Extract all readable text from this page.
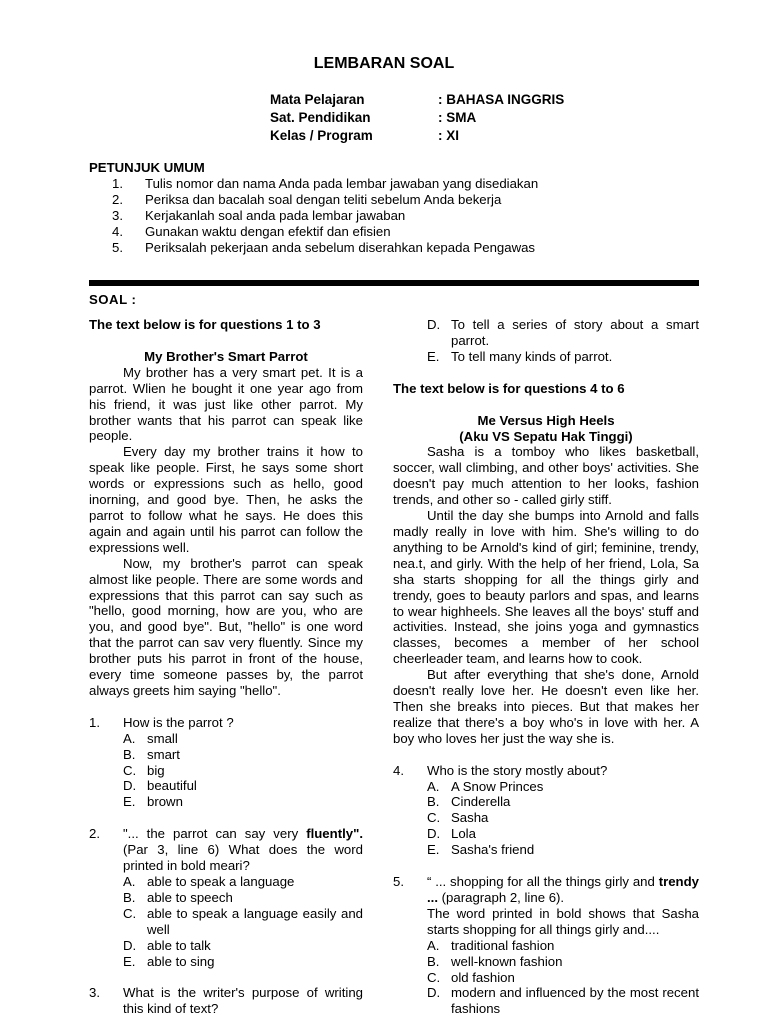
LEMBARAN SOAL
Mata Pelajaran	: BAHASA INGGRIS
Sat. Pendidikan	: SMA
Kelas / Program	: XI
PETUNJUK UMUM
1.	Tulis nomor dan nama Anda pada lembar jawaban yang disediakan
2.	Periksa dan bacalah soal dengan teliti sebelum Anda bekerja
3.	Kerjakanlah soal anda pada lembar jawaban
4.	Gunakan waktu dengan efektif dan efisien
5.	Periksalah pekerjaan anda sebelum diserahkan kepada Pengawas
SOAL :

The text below is for questions 1 to 3

My Brother's Smart Parrot

My brother has a very smart pet. It is a parrot. Wlien he bought it one year ago from his friend, it was just like other parrot. My brother wants that his parrot can speak like people.

Every day my brother trains it how to speak like people. First, he says some short words or expressions such as hello, good inorning, and good bye. Then, he asks the parrot to follow what he says. He does this again and again until his parrot can follow the expressions well.

Now, my brother's parrot can speak almost like people. There are some words and expressions that this parrot can say such as "hello, good morning, how are you, who are you, and good bye". But, "hello" is one word that the parrot can sav very fluently. Since my brother puts his parrot in front of the house, every time someone passes by, the parrot always greets him saying "hello".

1.	How is the parrot ?
A. small
B. smart
C. big
D. beautiful
E. brown
2.	"... the parrot can say very fluently". (Par 3, line 6) What does the word printed in bold meari?
A. able to speak a language
B. able to speech
C. able to speak a language easily and well
D. able to talk
E. able to sing
3.	What is the writer's purpose of writing this kind of text?
D. To tell a series of story about a smart parrot.
E. To tell many kinds of parrot.

The text below is for questions 4 to 6

Me Versus High Heels

(Aku VS Sepatu Hak Tinggi)

Sasha is a tomboy who likes basketball, soccer, wall climbing, and other boys' activities. She doesn't pay much attention to her looks, fashion trends, and other so - called girly stiff.

Until the day she bumps into Arnold and falls madly really in love with him. She's willing to do anything to be Arnold's kind of girl; feminine, trendy, nea.t, and girly. With the help of her friend, Lola, Sa sha starts shopping for all the things girly and trendy, goes to beauty parlors and spas, and learns to wear highheels. She leaves all the boys' stuff and activities. Instead, she joins yoga and gymnastics classes, becomes a member of her school cheerleader team, and learns how to cook.

But after everything that she's done, Arnold doesn't really love her. He doesn't even like her. Then she breaks into pieces. But that makes her realize that there's a boy who's in love with her. A boy who loves her just the way she is.

4.	Who is the story mostly about?
A. A Snow Princes
B. Cinderella
C. Sasha
D. Lola
E. Sasha's friend
5.	“ ... shopping for all the things girly and trendy ... (paragraph 2, line 6).
The word printed in bold shows that Sasha starts shopping for all things girly and....
A. traditional fashion
B. well-known fashion
C. old fashion
D. modern and influenced by the most recent fashions
